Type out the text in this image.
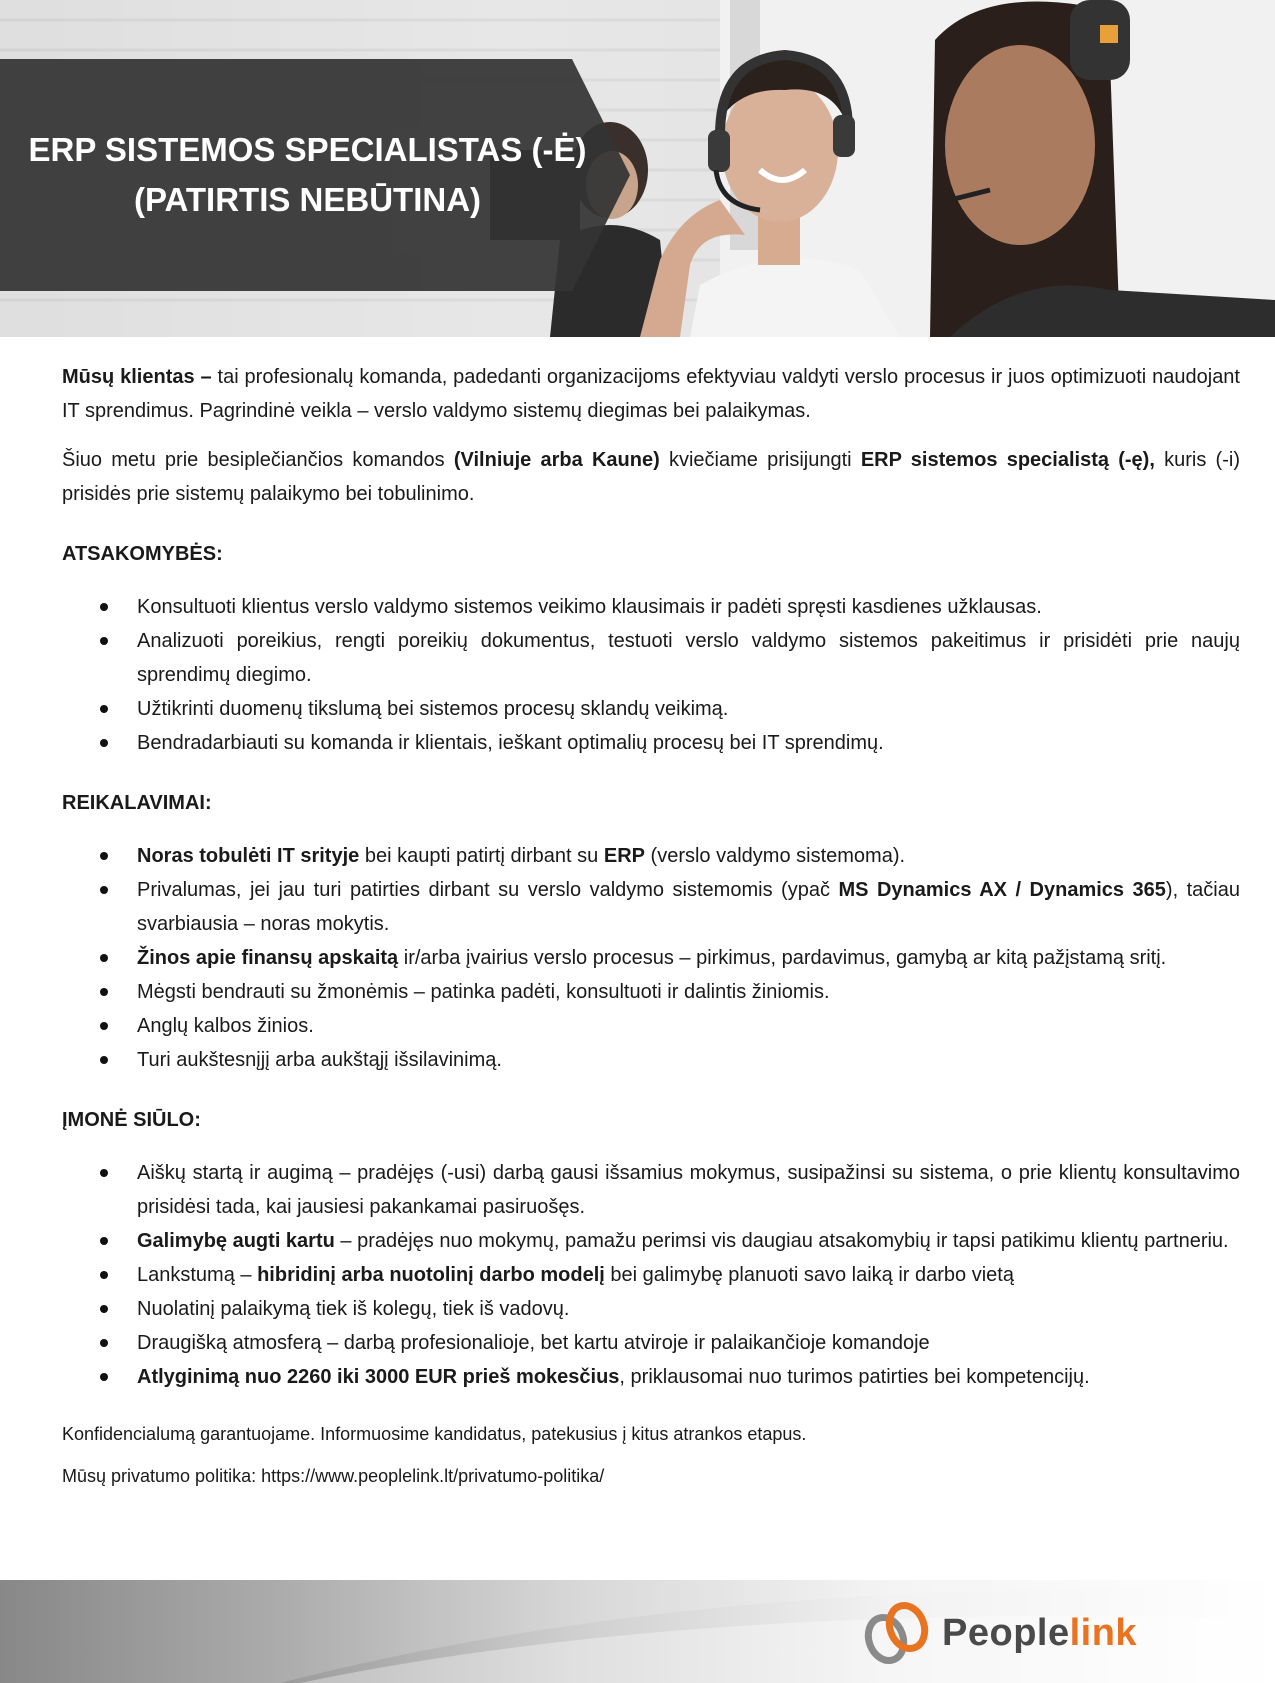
ERP SISTEMOS SPECIALISTAS (-Ė)
(PATIRTIS NEBŪTINA)

Mūsų klientas – tai profesionalų komanda, padedanti organizacijoms efektyviau valdyti verslo procesus ir juos optimizuoti naudojant IT sprendimus. Pagrindinė veikla – verslo valdymo sistemų diegimas bei palaikymas.

Šiuo metu prie besiplečiančios komandos (Vilniuje arba Kaune) kviečiame prisijungti ERP sistemos specialistą (-ę), kuris (-i) prisidės prie sistemų palaikymo bei tobulinimo.

ATSAKOMYBĖS:
Konsultuoti klientus verslo valdymo sistemos veikimo klausimais ir padėti spręsti kasdienes užklausas.
Analizuoti poreikius, rengti poreikių dokumentus, testuoti verslo valdymo sistemos pakeitimus ir prisidėti prie naujų sprendimų diegimo.
Užtikrinti duomenų tikslumą bei sistemos procesų sklandų veikimą.
Bendradarbiauti su komanda ir klientais, ieškant optimalių procesų bei IT sprendimų.
REIKALAVIMAI:
Noras tobulėti IT srityje bei kaupti patirtį dirbant su ERP (verslo valdymo sistemoma).
Privalumas, jei jau turi patirties dirbant su verslo valdymo sistemomis (ypač MS Dynamics AX / Dynamics 365), tačiau svarbiausia – noras mokytis.
Žinos apie finansų apskaitą ir/arba įvairius verslo procesus – pirkimus, pardavimus, gamybą ar kitą pažįstamą sritį.
Mėgsti bendrauti su žmonėmis – patinka padėti, konsultuoti ir dalintis žiniomis.
Anglų kalbos žinios.
Turi aukštesnįjį arba aukštąjį išsilavinimą.
ĮMONĖ SIŪLO:
Aiškų startą ir augimą – pradėjęs (-usi) darbą gausi išsamius mokymus, susipažinsi su sistema, o prie klientų konsultavimo prisidėsi tada, kai jausiesi pakankamai pasiruošęs.
Galimybę augti kartu – pradėjęs nuo mokymų, pamažu perimsi vis daugiau atsakomybių ir tapsi patikimu klientų partneriu.
Lankstumą – hibridinį arba nuotolinį darbo modelį bei galimybę planuoti savo laiką ir darbo vietą
Nuolatinį palaikymą tiek iš kolegų, tiek iš vadovų.
Draugišką atmosferą – darbą profesionalioje, bet kartu atviroje ir palaikančioje komandoje
Atlyginimą nuo 2260 iki 3000 EUR prieš mokesčius, priklausomai nuo turimos patirties bei kompetencijų.

Konfidencialumą garantuojame. Informuosime kandidatus, patekusius į kitus atrankos etapus.

Mūsų privatumo politika: https://www.peoplelink.lt/privatumo-politika/

Peoplelink
